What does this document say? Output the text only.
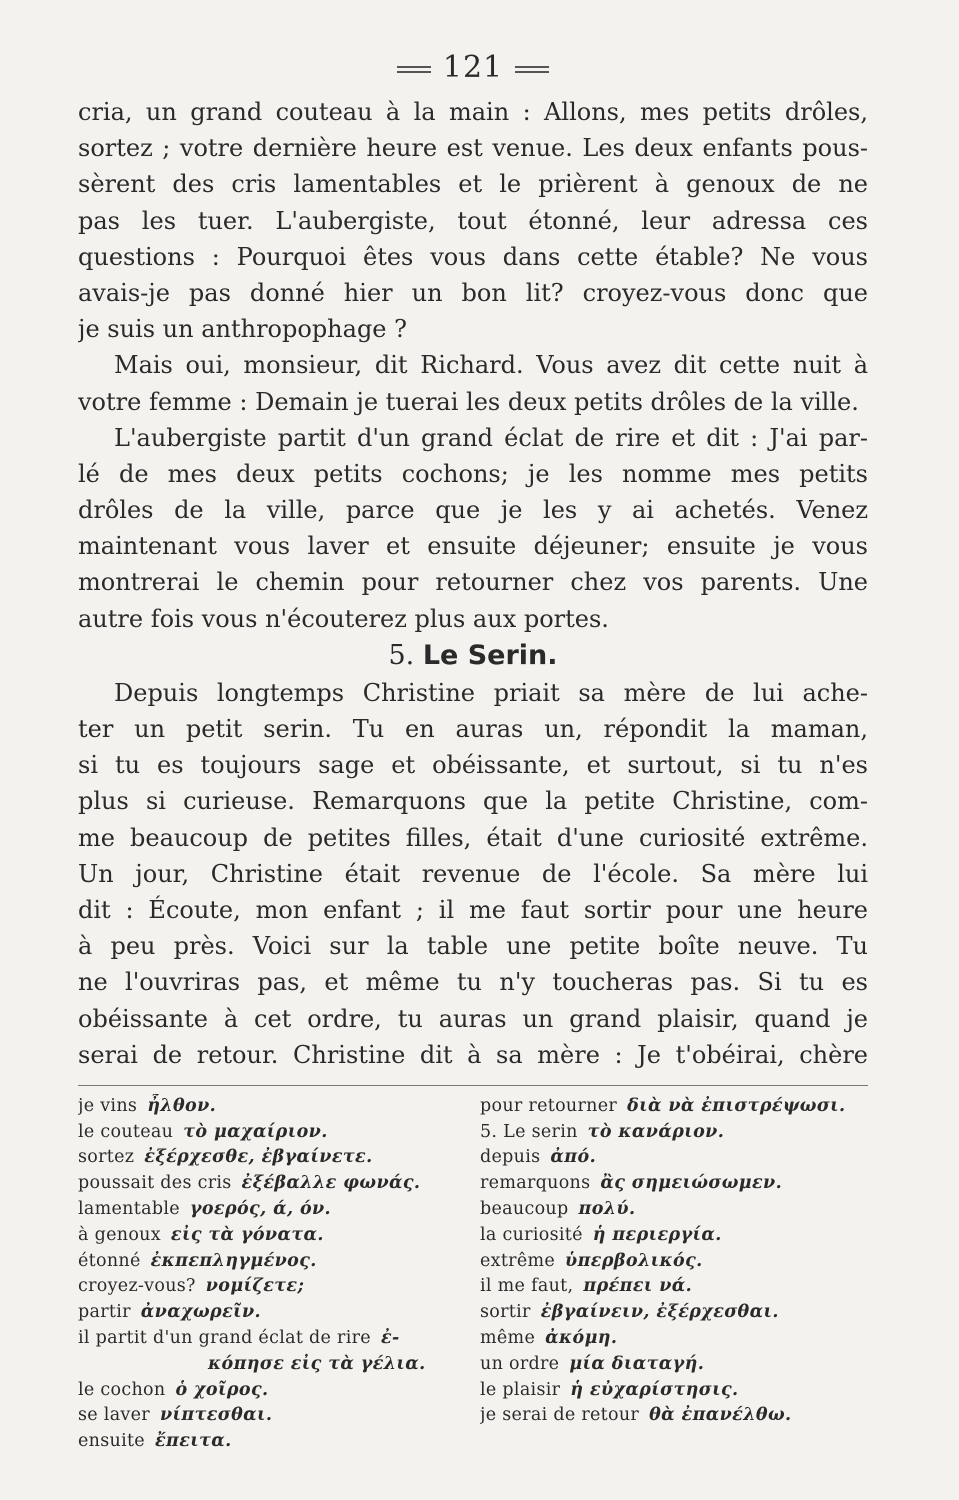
121
cria, un grand couteau à la main : Allons, mes petits drôles,
sortez ; votre dernière heure est venue. Les deux enfants pous-
sèrent des cris lamentables et le prièrent à genoux de ne
pas les tuer. L'aubergiste, tout étonné, leur adressa ces
questions : Pourquoi êtes vous dans cette étable? Ne vous
avais-je pas donné hier un bon lit? croyez-vous donc que
je suis un anthropophage ?
Mais oui, monsieur, dit Richard. Vous avez dit cette nuit à
votre femme : Demain je tuerai les deux petits drôles de la ville.
L'aubergiste partit d'un grand éclat de rire et dit : J'ai par-
lé de mes deux petits cochons; je les nomme mes petits
drôles de la ville, parce que je les y ai achetés. Venez
maintenant vous laver et ensuite déjeuner; ensuite je vous
montrerai le chemin pour retourner chez vos parents. Une
autre fois vous n'écouterez plus aux portes.
5. Le Serin.
Depuis longtemps Christine priait sa mère de lui ache-
ter un petit serin. Tu en auras un, répondit la maman,
si tu es toujours sage et obéissante, et surtout, si tu n'es
plus si curieuse. Remarquons que la petite Christine, com-
me beaucoup de petites filles, était d'une curiosité extrême.
Un jour, Christine était revenue de l'école. Sa mère lui
dit : Écoute, mon enfant ; il me faut sortir pour une heure
à peu près. Voici sur la table une petite boîte neuve. Tu
ne l'ouvriras pas, et même tu n'y toucheras pas. Si tu es
obéissante à cet ordre, tu auras un grand plaisir, quand je
serai de retour. Christine dit à sa mère : Je t'obéirai, chère
je vins ἦλθον.
le couteau τὸ μαχαίριον.
sortez ἐξέρχεσθε, ἐβγαίνετε.
poussait des cris ἐξέβαλλε φωνάς.
lamentable γοερός, ά, όν.
à genoux εἰς τὰ γόνατα.
étonné ἐκπεπληγμένος.
croyez-vous? νομίζετε;
partir ἀναχωρεῖν.
il partit d'un grand éclat de rire ἐ-
κόπησε εἰς τὰ γέλια.
le cochon ὁ χοῖρος.
se laver νίπτεσθαι.
ensuite ἔπειτα.
pour retourner διὰ νὰ ἐπιστρέψωσι.
5. Le serin τὸ κανάριον.
depuis ἀπό.
remarquons ἂς σημειώσωμεν.
beaucoup πολύ.
la curiosité ἡ περιεργία.
extrême ὑπερβολικός.
il me faut, πρέπει νά.
sortir ἐβγαίνειν, ἐξέρχεσθαι.
même ἀκόμη.
un ordre μία διαταγή.
le plaisir ἡ εὐχαρίστησις.
je serai de retour θὰ ἐπανέλθω.
